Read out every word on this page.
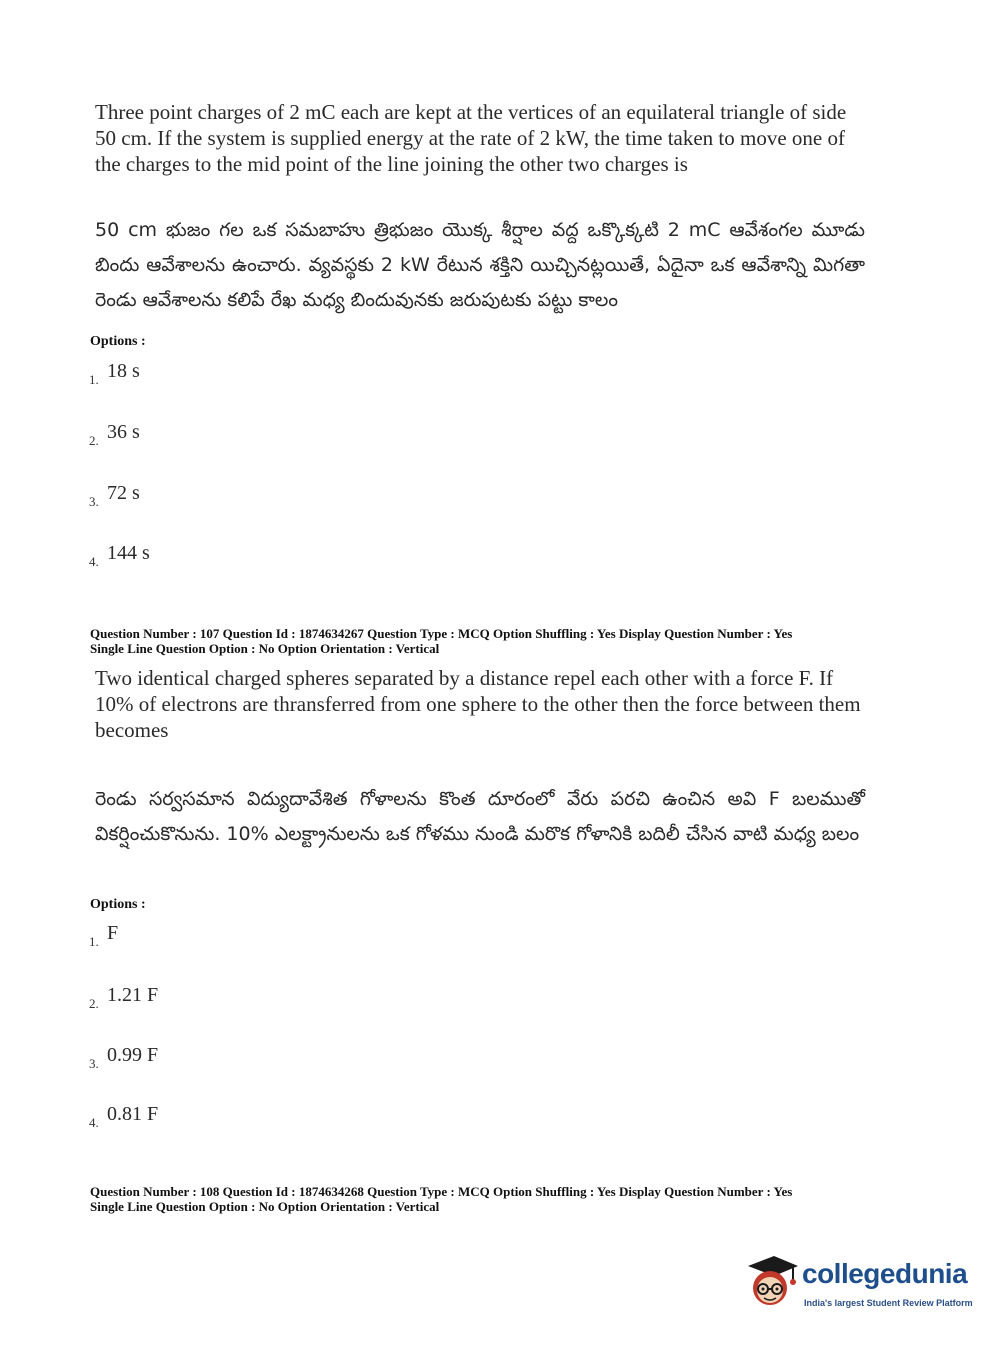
Three point charges of 2 mC each are kept at the vertices of an equilateral triangle of side 50 cm. If the system is supplied energy at the rate of 2 kW, the time taken to move one of the charges to the mid point of the line joining the other two charges is
50 cm భుజం గల ఒక సమబాహు త్రిభుజం యొక్క శీర్షాల వద్ద ఒక్కొక్కటి 2 mC ఆవేశంగల మూడు బిందు ఆవేశాలను ఉంచారు. వ్యవస్థకు 2 kW రేటున శక్తిని యిచ్చినట్లయితే, ఏదైనా ఒక ఆవేశాన్ని మిగతా రెండు ఆవేశాలను కలిపే రేఖ మధ్య బిందువునకు జరుపుటకు పట్టు కాలం
Options :
1. 18 s
2. 36 s
3. 72 s
4. 144 s
Question Number : 107 Question Id : 1874634267 Question Type : MCQ Option Shuffling : Yes Display Question Number : Yes
Single Line Question Option : No Option Orientation : Vertical
Two identical charged spheres separated by a distance repel each other with a force F. If 10% of electrons are thransferred from one sphere to the other then the force between them becomes
రెండు సర్వసమాన విద్యుదావేశిత గోళాలను కొంత దూరంలో వేరు పరచి ఉంచిన అవి F బలముతో వికర్షించుకొనును. 10% ఎలక్ట్రానులను ఒక గోళము నుండి మరొక గోళానికి బదిలీ చేసిన వాటి మధ్య బలం
Options :
1. F
2. 1.21 F
3. 0.99 F
4. 0.81 F
Question Number : 108 Question Id : 1874634268 Question Type : MCQ Option Shuffling : Yes Display Question Number : Yes
Single Line Question Option : No Option Orientation : Vertical
collegedunia
India's largest Student Review Platform
